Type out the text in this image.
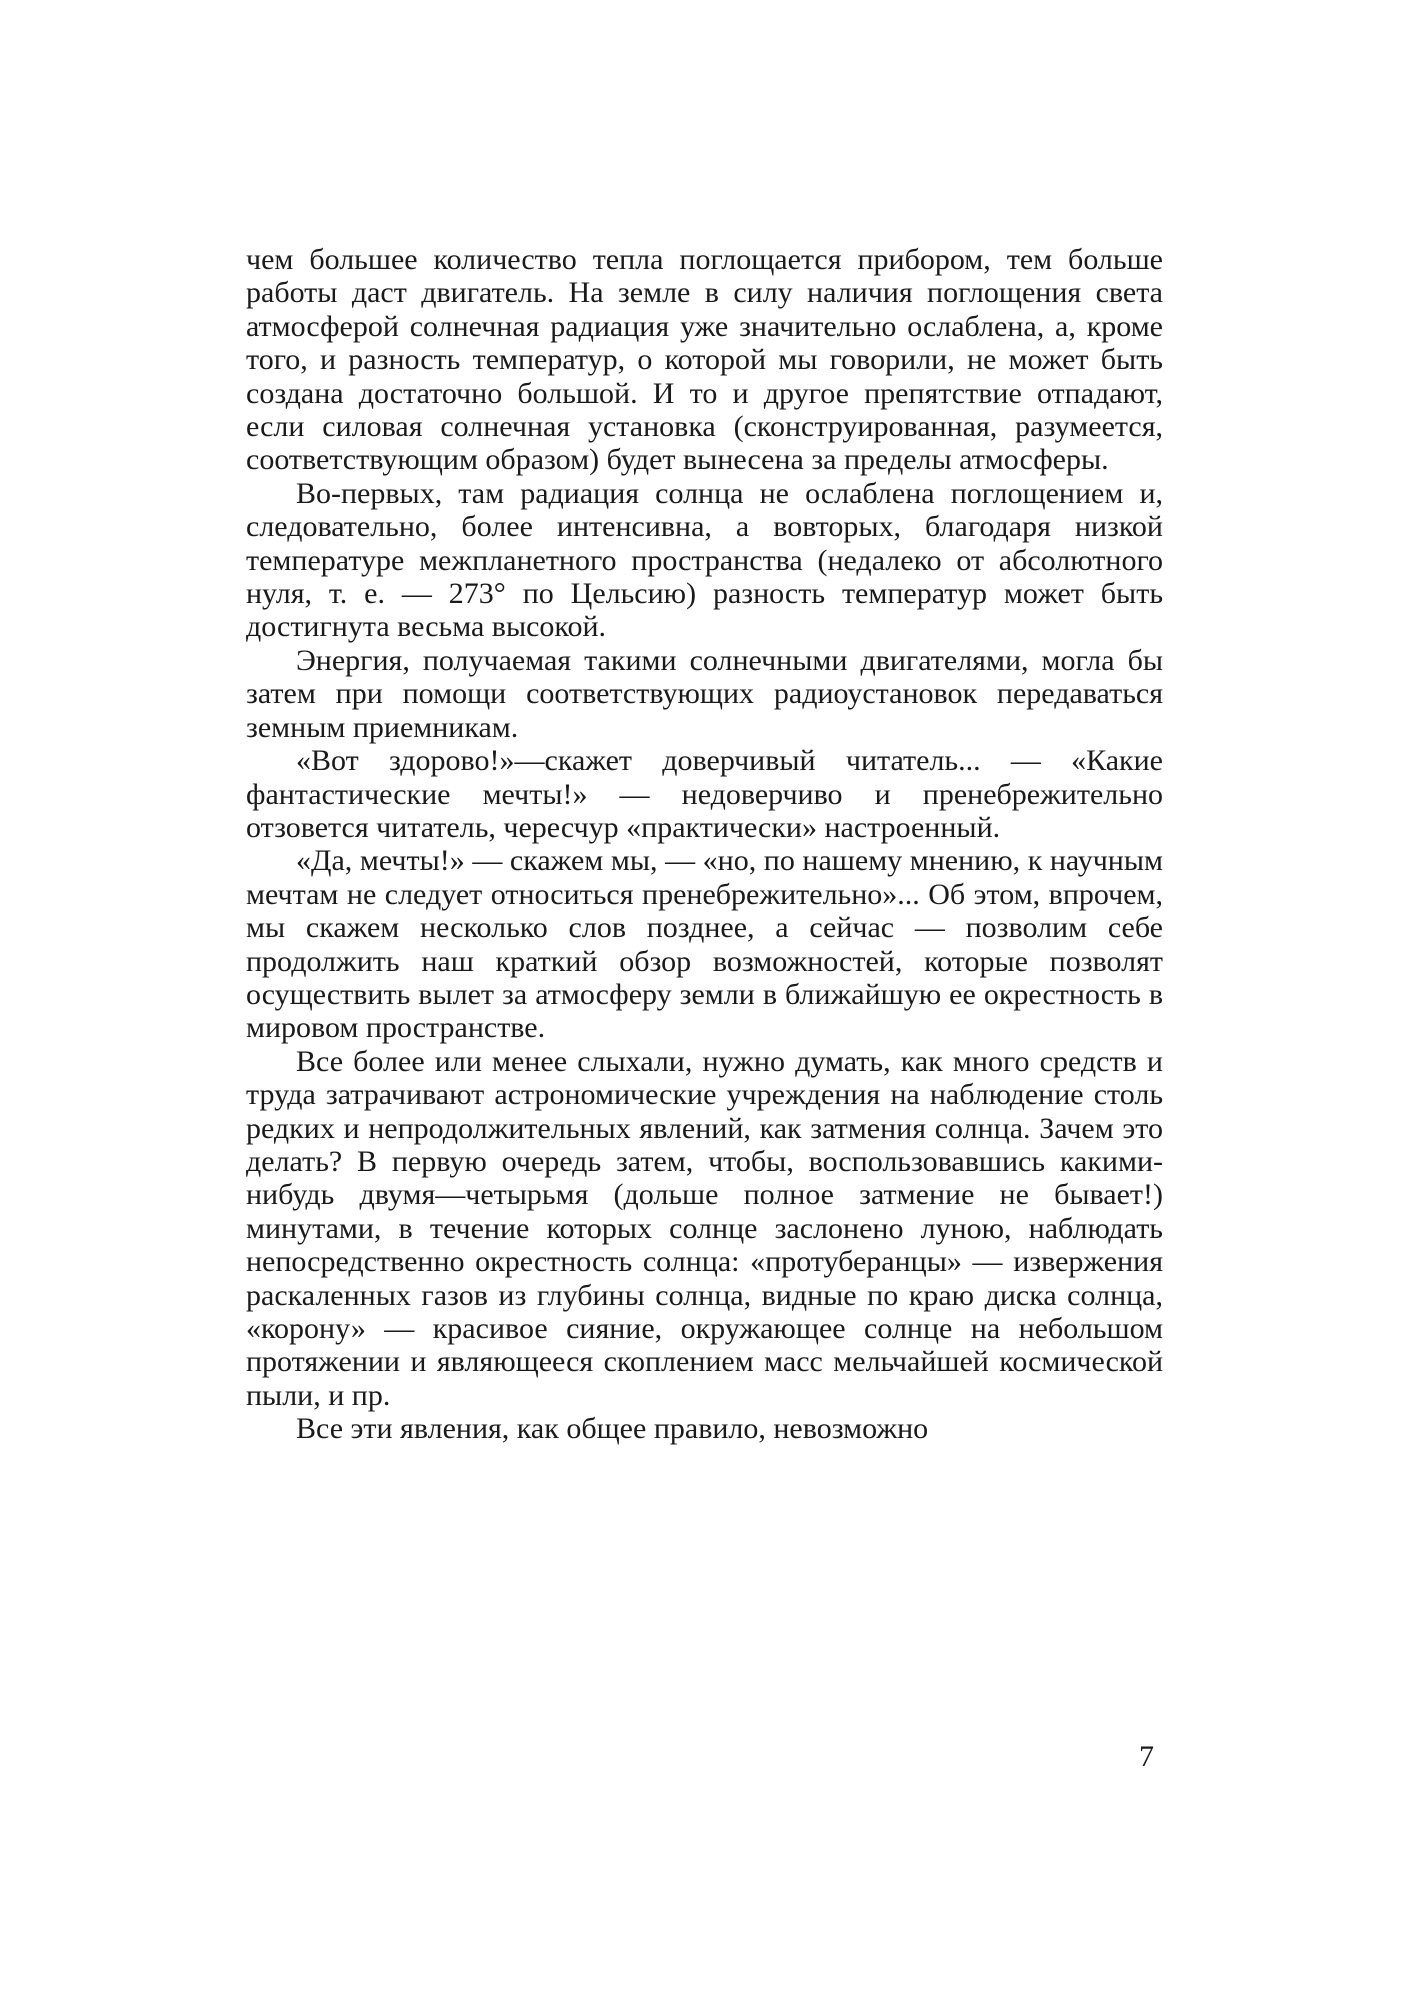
чем большее количество тепла поглощается прибором, тем больше работы даст двигатель. На земле в силу наличия поглощения света атмосферой солнечная радиация уже значительно ослаблена, а, кроме того, и разность температур, о которой мы говорили, не может быть создана достаточно большой. И то и другое препятствие отпадают, если силовая солнечная установка (сконструированная, разумеется, соответствующим образом) будет вынесена за пределы атмосферы.

Во-первых, там радиация солнца не ослаблена поглощением и, следовательно, более интенсивна, а вовторых, благодаря низкой температуре межпланетного пространства (недалеко от абсолютного нуля, т. е. — 273° по Цельсию) разность температур может быть достигнута весьма высокой.

Энергия, получаемая такими солнечными двигателями, могла бы затем при помощи соответствующих радиоустановок передаваться земным приемникам.

«Вот здорово!»—скажет доверчивый читатель... — «Какие фантастические мечты!» — недоверчиво и пренебрежительно отзовется читатель, чересчур «практически» настроенный.

«Да, мечты!» — скажем мы, — «но, по нашему мнению, к научным мечтам не следует относиться пренебрежительно»... Об этом, впрочем, мы скажем несколько слов позднее, а сейчас — позволим себе продолжить наш краткий обзор возможностей, которые позволят осуществить вылет за атмосферу земли в ближайшую ее окрестность в мировом пространстве.

Все более или менее слыхали, нужно думать, как много средств и труда затрачивают астрономические учреждения на наблюдение столь редких и непродолжительных явлений, как затмения солнца. Зачем это делать? В первую очередь затем, чтобы, воспользовавшись какими-нибудь двумя—четырьмя (дольше полное затмение не бывает!) минутами, в течение которых солнце заслонено луною, наблюдать непосредственно окрестность солнца: «протуберанцы» — извержения раскаленных газов из глубины солнца, видные по краю диска солнца, «корону» — красивое сияние, окружающее солнце на небольшом протяжении и являющееся скоплением масс мельчайшей космической пыли, и пр.

Все эти явления, как общее правило, невозможно

7
